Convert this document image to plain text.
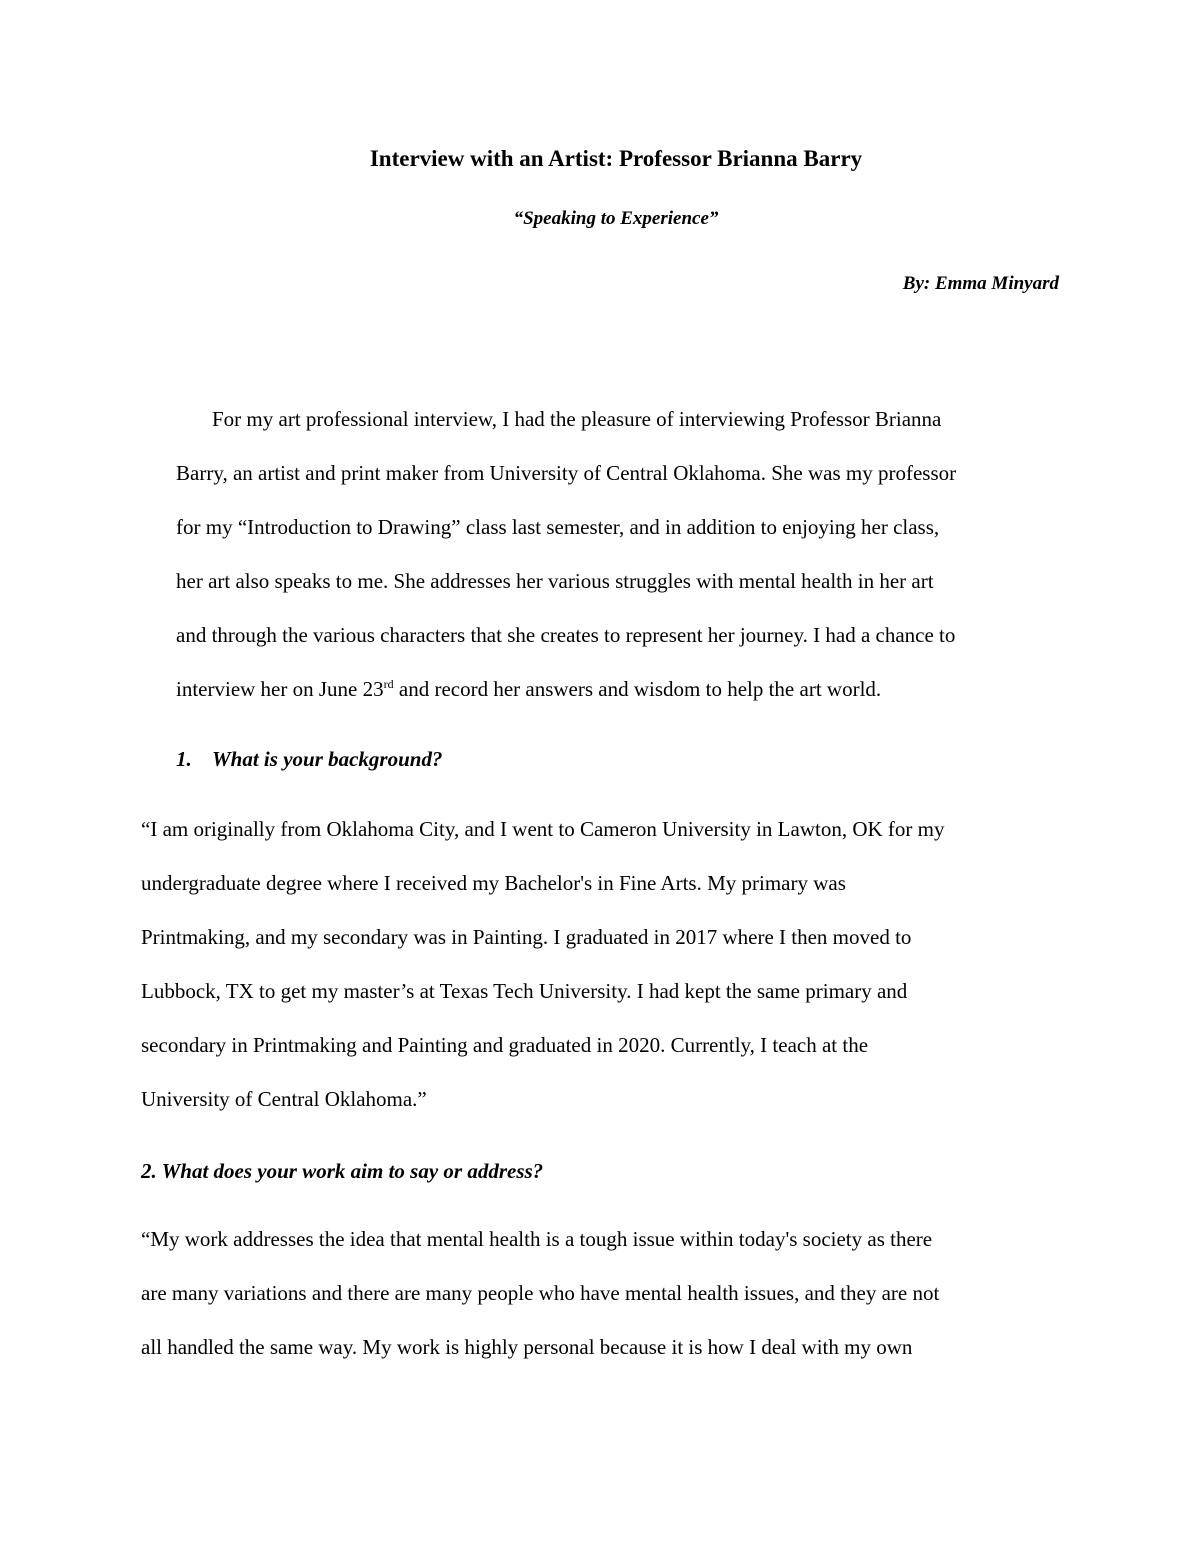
Interview with an Artist: Professor Brianna Barry

“Speaking to Experience”

By: Emma Minyard

For my art professional interview, I had the pleasure of interviewing Professor Brianna

Barry, an artist and print maker from University of Central Oklahoma. She was my professor

for my “Introduction to Drawing” class last semester, and in addition to enjoying her class,

her art also speaks to me. She addresses her various struggles with mental health in her art

and through the various characters that she creates to represent her journey. I had a chance to

interview her on June 23rd and record her answers and wisdom to help the art world.

1. What is your background?

“I am originally from Oklahoma City, and I went to Cameron University in Lawton, OK for my

undergraduate degree where I received my Bachelor's in Fine Arts. My primary was

Printmaking, and my secondary was in Painting. I graduated in 2017 where I then moved to

Lubbock, TX to get my master’s at Texas Tech University. I had kept the same primary and

secondary in Printmaking and Painting and graduated in 2020. Currently, I teach at the

University of Central Oklahoma.”

2. What does your work aim to say or address?

“My work addresses the idea that mental health is a tough issue within today's society as there

are many variations and there are many people who have mental health issues, and they are not

all handled the same way. My work is highly personal because it is how I deal with my own
